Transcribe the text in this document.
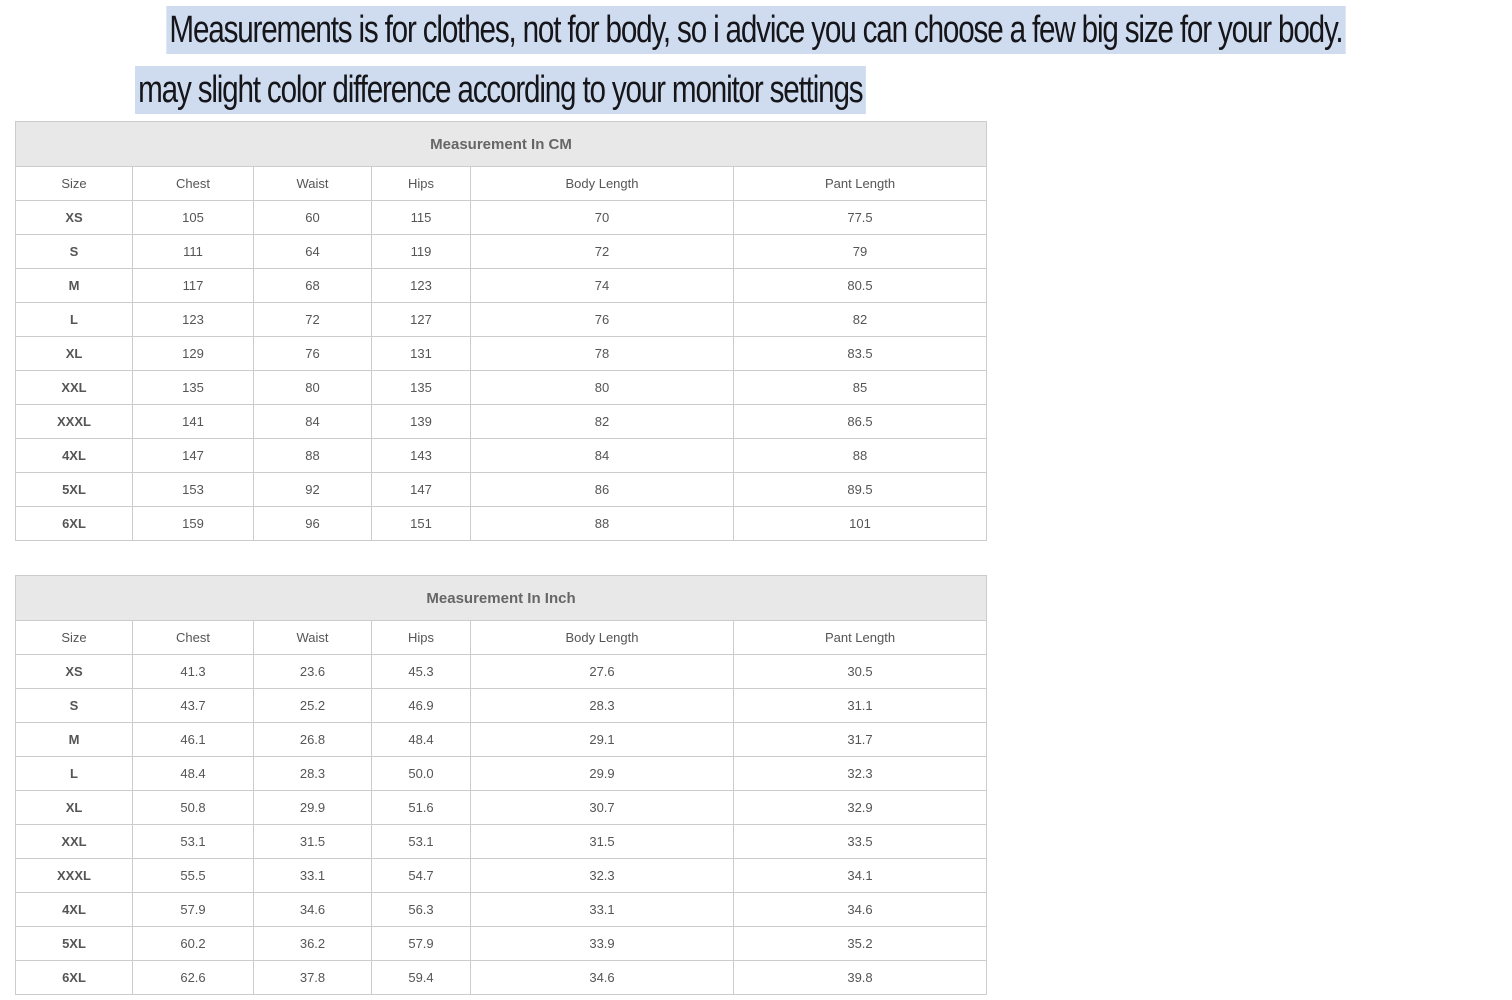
Measurements is for clothes, not for body, so i advice you can choose a few big size for your body.
may slight color difference according to your monitor settings
Measurement In CM					
Size	Chest	Waist	Hips	Body Length	Pant Length
XS	105	60	115	70	77.5
S	111	64	119	72	79
M	117	68	123	74	80.5
L	123	72	127	76	82
XL	129	76	131	78	83.5
XXL	135	80	135	80	85
XXXL	141	84	139	82	86.5
4XL	147	88	143	84	88
5XL	153	92	147	86	89.5
6XL	159	96	151	88	101
Measurement In Inch					
Size	Chest	Waist	Hips	Body Length	Pant Length
XS	41.3	23.6	45.3	27.6	30.5
S	43.7	25.2	46.9	28.3	31.1
M	46.1	26.8	48.4	29.1	31.7
L	48.4	28.3	50.0	29.9	32.3
XL	50.8	29.9	51.6	30.7	32.9
XXL	53.1	31.5	53.1	31.5	33.5
XXXL	55.5	33.1	54.7	32.3	34.1
4XL	57.9	34.6	56.3	33.1	34.6
5XL	60.2	36.2	57.9	33.9	35.2
6XL	62.6	37.8	59.4	34.6	39.8
